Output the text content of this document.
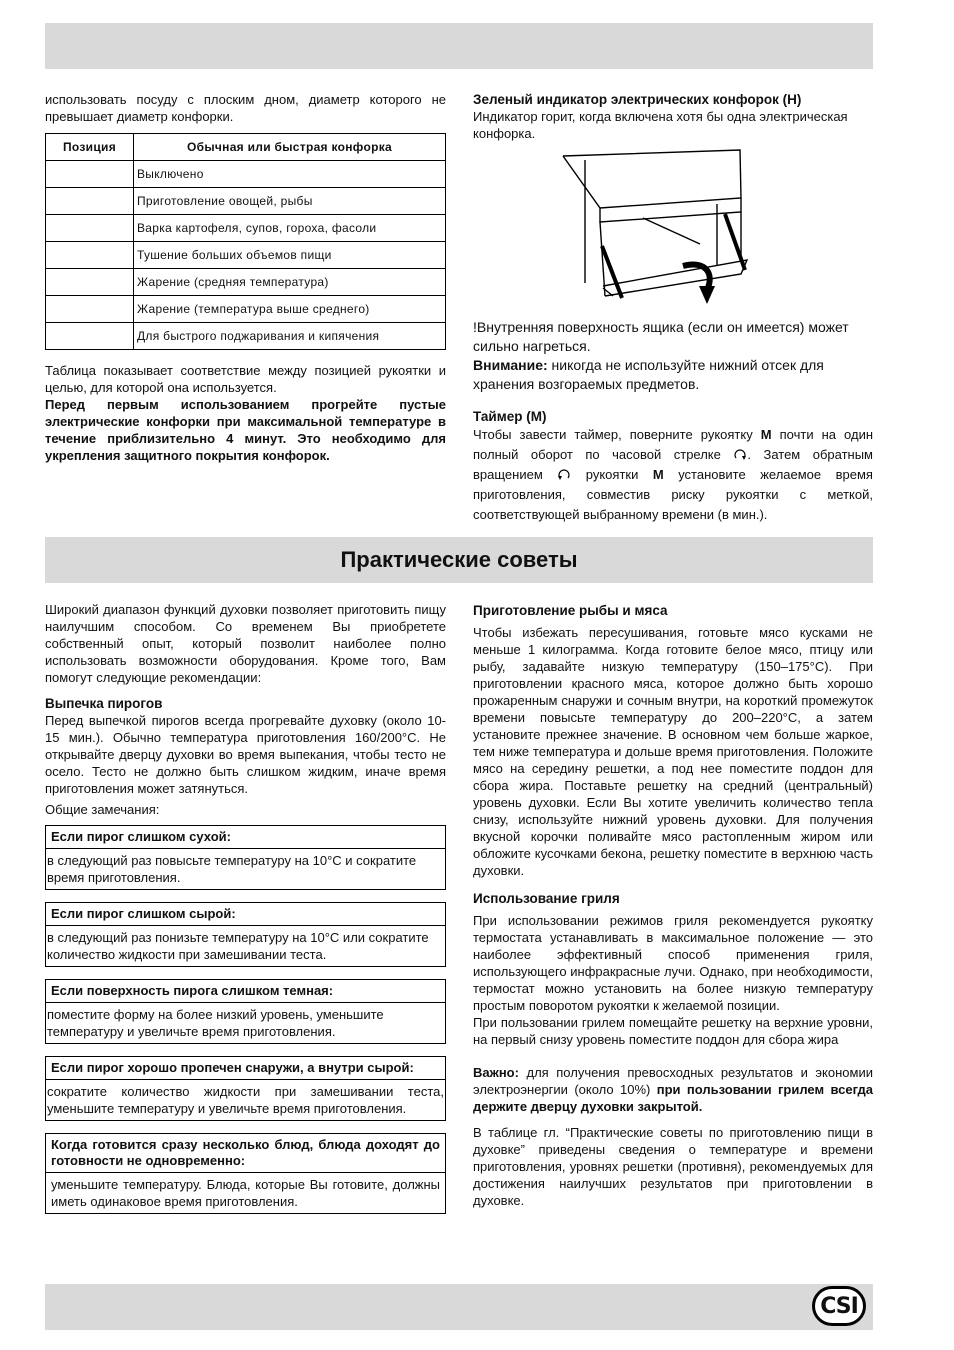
CSI

использовать посуду с плоским дном, диаметр которого не превышает диаметр конфорки.

Позиция	Обычная или быстрая конфорка
	Выключено
	Приготовление овощей, рыбы
	Варка картофеля, супов, гороха, фасоли
	Тушение больших объемов пищи
	Жарение (средняя температура)
	Жарение (температура выше среднего)
	Для быстрого поджаривания и кипячения

Таблица показывает соответствие между позицией рукоятки и целью, для которой она используется.

Перед первым использованием прогрейте пустые электрические конфорки при максимальной температуре в течение приблизительно 4 минут. Это необходимо для укрепления защитного покрытия конфорок.

Зеленый индикатор электрических конфорок (Н)

Индикатор горит, когда включена хотя бы одна электрическая конфорка.

!Внутренняя поверхность ящика (если он имеется) может сильно нагреться.

Внимание: никогда не используйте нижний отсек для хранения возгораемых предметов.

Таймер (М)

Чтобы завести таймер, поверните рукоятку М почти на один полный оборот по часовой стрелке . Затем обратным вращением	рукоятки М установите желаемое время приготовления, совместив риску рукоятки с меткой, соответствующей выбранному времени (в мин.).

Практические советы

Широкий диапазон функций духовки позволяет приготовить пищу наилучшим способом. Со временем Вы приобретете собственный опыт, который позволит наиболее полно использовать возможности оборудования. Кроме того, Вам помогут следующие рекомендации:

Выпечка пирогов

Перед выпечкой пирогов всегда прогревайте духовку (около 10-15 мин.). Обычно температура приготовления 160/200°С. Не открывайте дверцу духовки во время выпекания, чтобы тесто не осело. Тесто не должно быть слишком жидким, иначе время приготовления может затянуться.

Общие замечания:

Если пирог слишком сухой:
в следующий раз повысьте температуру на 10°С и сократите время приготовления.
Если пирог слишком сырой:
в следующий раз понизьте температуру на 10°С или сократите количество жидкости при замешивании теста.
Если поверхность пирога слишком темная:
поместите форму на более низкий уровень, уменьшите температуру и увеличьте время приготовления.
Если пирог хорошо пропечен снаружи, а внутри сырой:
сократите количество жидкости при замешивании теста, уменьшите температуру и увеличьте время приготовления.
Когда готовится сразу несколько блюд, блюда доходят до готовности не одновременно:
уменьшите температуру. Блюда, которые Вы готовите, должны иметь одинаковое время приготовления.
Приготовление рыбы и мяса

Чтобы избежать пересушивания, готовьте мясо кусками не меньше 1 килограмма. Когда готовите белое мясо, птицу или рыбу, задавайте низкую температуру (150–175°С). При приготовлении красного мяса, которое должно быть хорошо прожаренным снаружи и сочным внутри, на короткий промежуток времени повысьте температуру до 200–220°С, а затем установите прежнее значение. В основном чем больше жаркое, тем ниже температура и дольше время приготовления. Положите мясо на середину решетки, а под нее поместите поддон для сбора жира. Поставьте решетку на средний (центральный) уровень духовки. Если Вы хотите увеличить количество тепла снизу, используйте нижний уровень духовки. Для получения вкусной корочки поливайте мясо растопленным жиром или обложите кусочками бекона, решетку поместите в верхнюю часть духовки.

Использование гриля

При использовании режимов гриля рекомендуется рукоятку термостата устанавливать в максимальное положение — это наиболее эффективный способ применения гриля, использующего инфракрасные лучи. Однако, при необходимости, термостат можно установить на более низкую температуру простым поворотом рукоятки к желаемой позиции.

При пользовании грилем помещайте решетку на верхние уровни, на первый снизу уровень поместите поддон для сбора жира

Важно: для получения превосходных результатов и экономии электроэнергии (около 10%) при пользовании грилем всегда держите дверцу духовки закрытой.

В таблице гл. “Практические советы по приготовлению пищи в духовке” приведены сведения о температуре и времени приготовления, уровнях решетки (противня), рекомендуемых для достижения наилучших результатов при приготовлении в духовке.
